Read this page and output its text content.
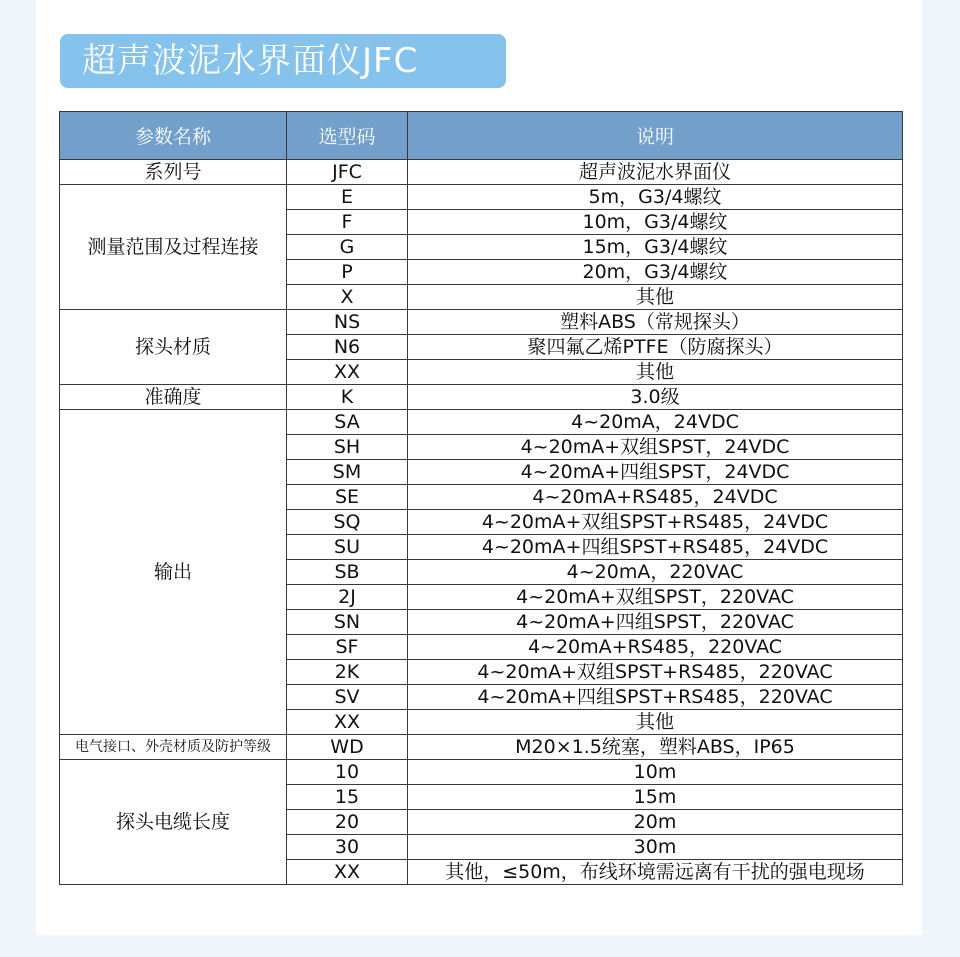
超声波泥水界面仪JFC
参数名称	选型码	说明
系列号	JFC	超声波泥水界面仪
测量范围及过程连接	E	5m，G3/4螺纹
	F	10m，G3/4螺纹
	G	15m，G3/4螺纹
	P	20m，G3/4螺纹
	X	其他
探头材质	NS	塑料ABS（常规探头）
	N6	聚四氟乙烯PTFE（防腐探头）
	XX	其他
准确度	K	3.0级
输出	SA	4~20mA，24VDC
	SH	4~20mA+双组SPST，24VDC
	SM	4~20mA+四组SPST，24VDC
	SE	4~20mA+RS485，24VDC
	SQ	4~20mA+双组SPST+RS485，24VDC
	SU	4~20mA+四组SPST+RS485，24VDC
	SB	4~20mA，220VAC
	2J	4~20mA+双组SPST，220VAC
	SN	4~20mA+四组SPST，220VAC
	SF	4~20mA+RS485，220VAC
	2K	4~20mA+双组SPST+RS485，220VAC
	SV	4~20mA+四组SPST+RS485，220VAC
	XX	其他
电气接口、外壳材质及防护等级	WD	M20×1.5统塞，塑料ABS，IP65
探头电缆长度	10	10m
	15	15m
	20	20m
	30	30m
	XX	其他，≤50m，布线环境需远离有干扰的强电现场
